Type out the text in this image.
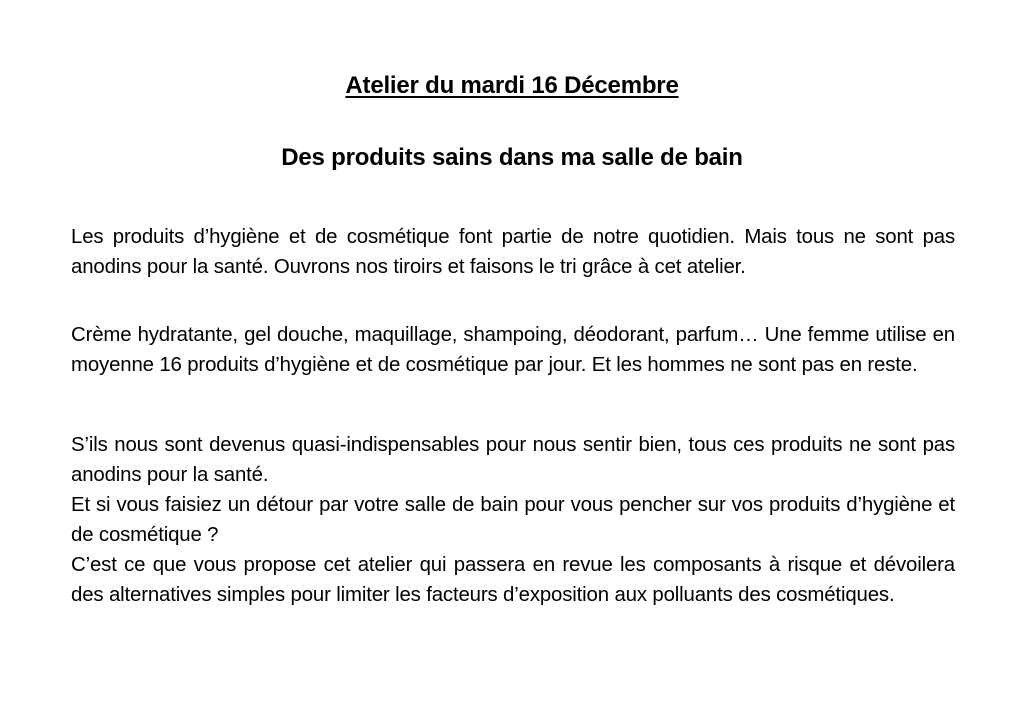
Atelier du mardi 16 Décembre
Des produits sains dans ma salle de bain

Les produits d’hygiène et de cosmétique font partie de notre quotidien. Mais tous ne sont pas anodins pour la santé. Ouvrons nos tiroirs et faisons le tri grâce à cet atelier.

Crème hydratante, gel douche, maquillage, shampoing, déodorant, parfum… Une femme utilise en moyenne 16 produits d’hygiène et de cosmétique par jour. Et les hommes ne sont pas en reste.

S’ils nous sont devenus quasi-indispensables pour nous sentir bien, tous ces produits ne sont pas anodins pour la santé.

Et si vous faisiez un détour par votre salle de bain pour vous pencher sur vos produits d’hygiène et de cosmétique ?

C’est ce que vous propose cet atelier qui passera en revue les composants à risque et dévoilera des alternatives simples pour limiter les facteurs d’exposition aux polluants des cosmétiques.
